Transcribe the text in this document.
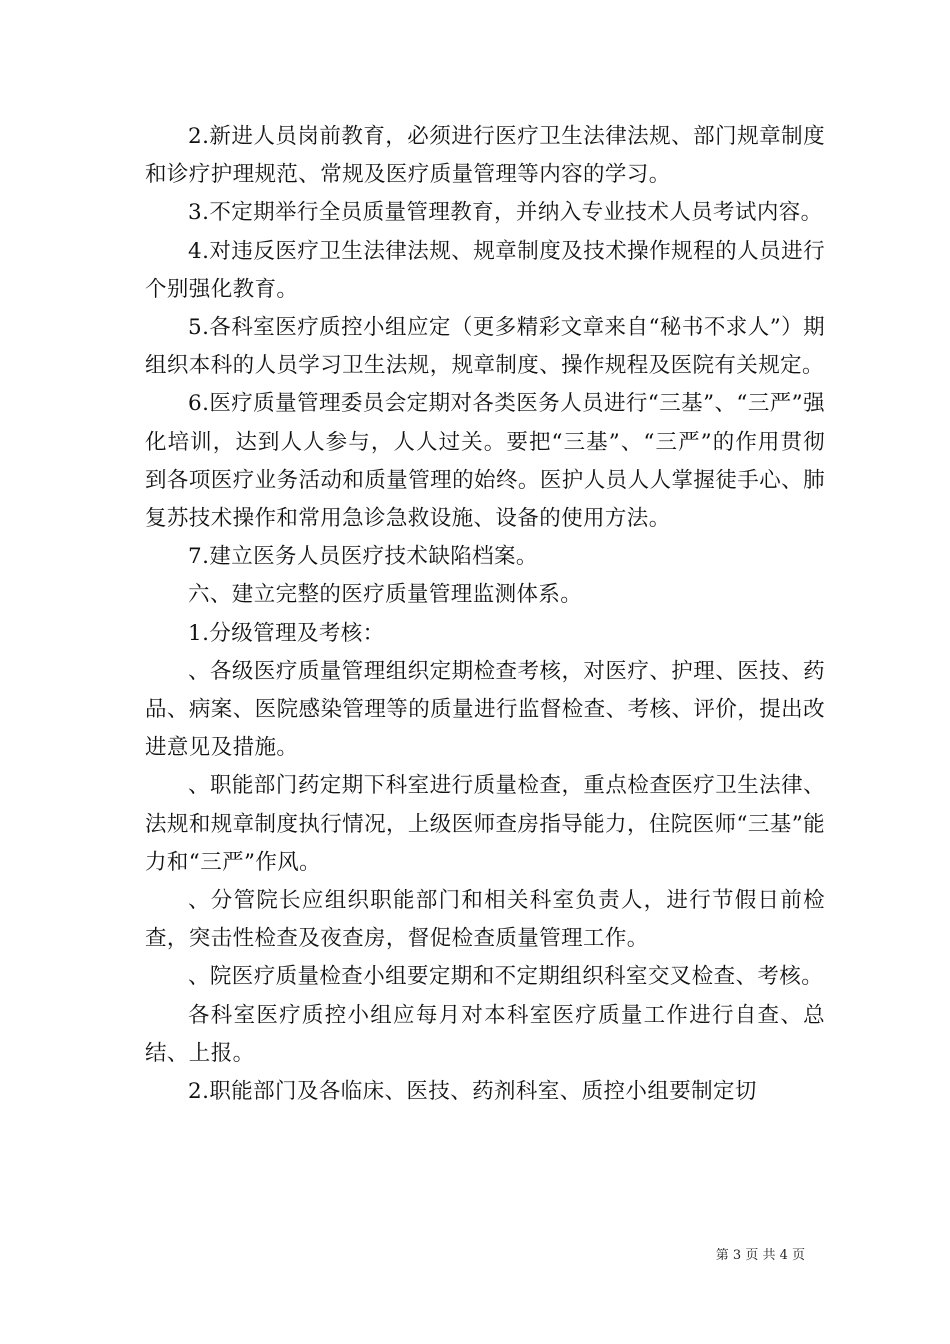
2.新进人员岗前教育，必须进行医疗卫生法律法规、部门规章制度和诊疗护理规范、常规及医疗质量管理等内容的学习。

3.不定期举行全员质量管理教育，并纳入专业技术人员考试内容。

4.对违反医疗卫生法律法规、规章制度及技术操作规程的人员进行个别强化教育。

5.各科室医疗质控小组应定（更多精彩文章来自“秘书不求人”）期组织本科的人员学习卫生法规，规章制度、操作规程及医院有关规定。

6.医疗质量管理委员会定期对各类医务人员进行“三基”、“三严”强化培训，达到人人参与，人人过关。要把“三基”、“三严”的作用贯彻到各项医疗业务活动和质量管理的始终。医护人员人人掌握徒手心、肺复苏技术操作和常用急诊急救设施、设备的使用方法。

7.建立医务人员医疗技术缺陷档案。

六、建立完整的医疗质量管理监测体系。

1.分级管理及考核：

、各级医疗质量管理组织定期检查考核，对医疗、护理、医技、药品、病案、医院感染管理等的质量进行监督检查、考核、评价，提出改进意见及措施。

、职能部门药定期下科室进行质量检查，重点检查医疗卫生法律、法规和规章制度执行情况，上级医师查房指导能力，住院医师“三基”能力和“三严”作风。

、分管院长应组织职能部门和相关科室负责人，进行节假日前检查，突击性检查及夜查房，督促检查质量管理工作。

、院医疗质量检查小组要定期和不定期组织科室交叉检查、考核。

各科室医疗质控小组应每月对本科室医疗质量工作进行自查、总结、上报。

2.职能部门及各临床、医技、药剂科室、质控小组要制定切

第 3 页 共 4 页
